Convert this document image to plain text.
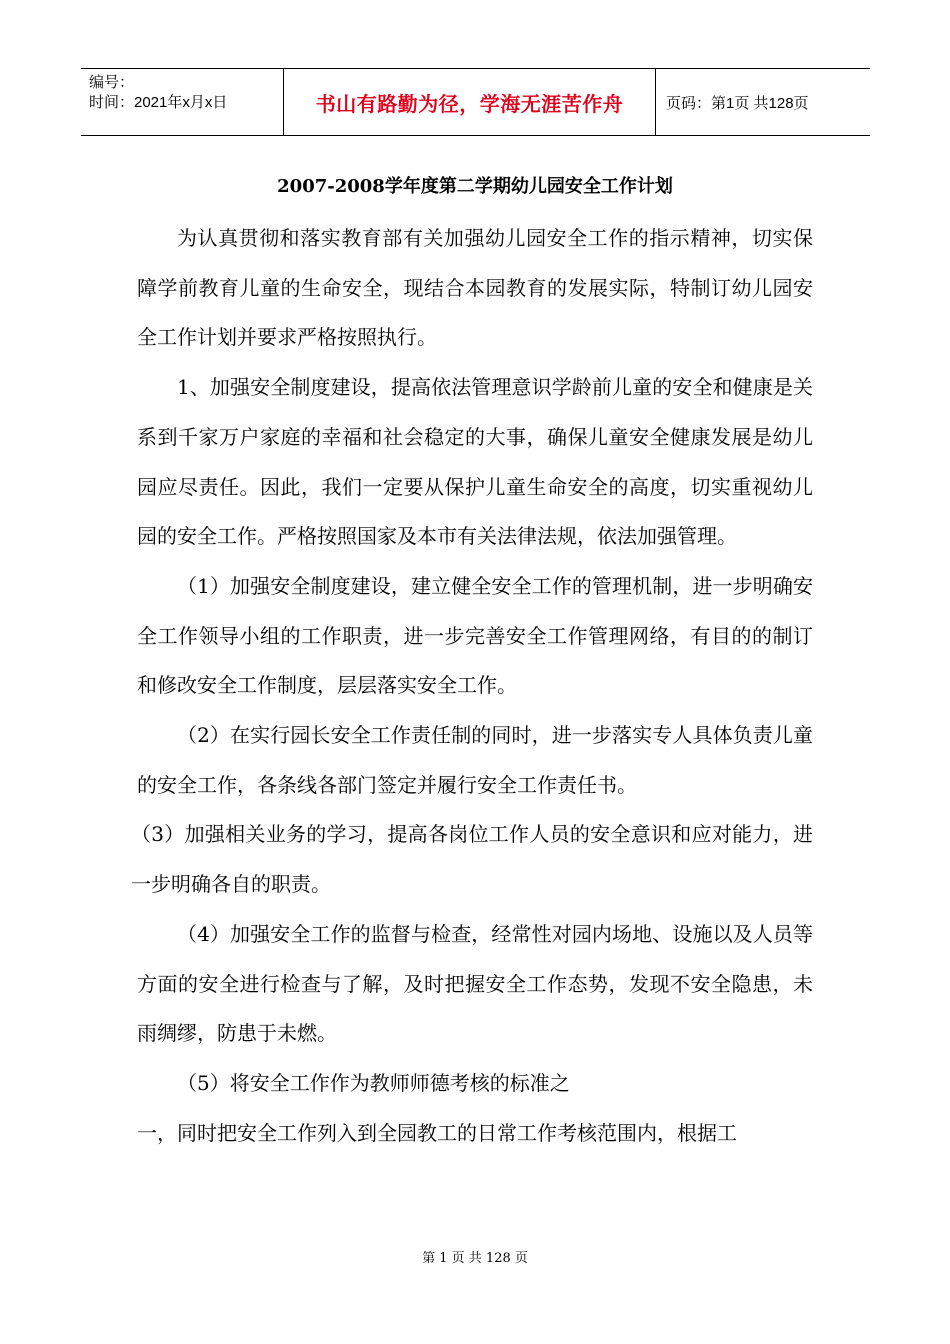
编号：
时间：2021年x月x日	书山有路勤为径，学海无涯苦作舟	页码：第1页 共128页
2007-2008学年度第二学期幼儿园安全工作计划

为认真贯彻和落实教育部有关加强幼儿园安全工作的指示精神，切实保障学前教育儿童的生命安全，现结合本园教育的发展实际，特制订幼儿园安全工作计划并要求严格按照执行。

1、加强安全制度建设，提高依法管理意识学龄前儿童的安全和健康是关系到千家万户家庭的幸福和社会稳定的大事，确保儿童安全健康发展是幼儿园应尽责任。因此，我们一定要从保护儿童生命安全的高度，切实重视幼儿园的安全工作。严格按照国家及本市有关法律法规，依法加强管理。

（1）加强安全制度建设，建立健全安全工作的管理机制，进一步明确安全工作领导小组的工作职责，进一步完善安全工作管理网络，有目的的制订和修改安全工作制度，层层落实安全工作。

（2）在实行园长安全工作责任制的同时，进一步落实专人具体负责儿童的安全工作，各条线各部门签定并履行安全工作责任书。

（3）加强相关业务的学习，提高各岗位工作人员的安全意识和应对能力，进一步明确各自的职责。

（4）加强安全工作的监督与检查，经常性对园内场地、设施以及人员等方面的安全进行检查与了解，及时把握安全工作态势，发现不安全隐患，未雨绸缪，防患于未燃。

（5）将安全工作作为教师师德考核的标准之

一，同时把安全工作列入到全园教工的日常工作考核范围内，根据工

第 1 页 共 128 页
